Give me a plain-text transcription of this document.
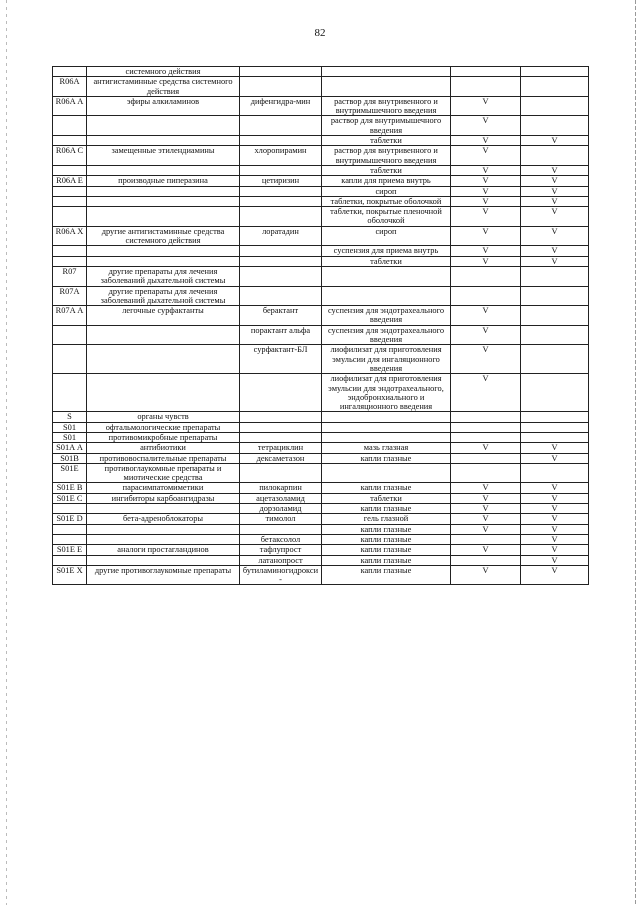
82
	системного действия				
R06A	антигистаминные средства системного действия				
R06A А	эфиры алкиламинов	дифенгидра-мин	раствор для внутривенного и внутримышечного введения	V	
			раствор для внутримышечного введения	V	
			таблетки	V	V
R06A С	замещенные этилендиамины	хлоропирамин	раствор для внутривенного и внутримышечного введения	V	
			таблетки	V	V
R06A Е	производные пиперазина	цетиризин	капли для приема внутрь	V	V
			сироп	V	V
			таблетки, покрытые оболочкой	V	V
			таблетки, покрытые пленочной оболочкой	V	V
R06A X	другие антигистаминные средства системного действия	лоратадин	сироп	V	V
			суспензия для приема внутрь	V	V
			таблетки	V	V
R07	другие препараты для лечения заболеваний дыхательной системы				
R07A	другие препараты для лечения заболеваний дыхательной системы				
R07A А	легочные сурфактанты	берактант	суспензия для эндотрахеального введения	V	
		порактант альфа	суспензия для эндотрахеального введения	V	
		сурфактант-БЛ	лиофилизат для приготовления эмульсии для ингаляционного введения	V	
			лиофилизат для приготовления эмульсии для эндотрахеального, эндобронхиального и ингаляционного введения	V	
S	органы чувств				
S01	офтальмологические препараты				
S01	противомикробные препараты				
S01A А	антибиотики	тетрациклин	мазь глазная	V	V
S01B	противовоспалительные препараты	дексаметазон	капли глазные		V
S01E	противоглаукомные препараты и миотические средства				
S01E В	парасимпатомиметики	пилокарпин	капли глазные	V	V
S01E С	ингибиторы карбоангидразы	ацетазоламид	таблетки	V	V
		дорзоламид	капли глазные	V	V
S01E D	бета-адреноблокаторы	тимолол	гель глазной	V	V
			капли глазные	V	V
		бетаксолол	капли глазные		V
S01E Е	аналоги простагландинов	тафлупрост	капли глазные	V	V
		латанопрост	капли глазные		V
S01E X	другие противоглаукомные препараты	бутиламиногидрокси-	капли глазные	V	V
